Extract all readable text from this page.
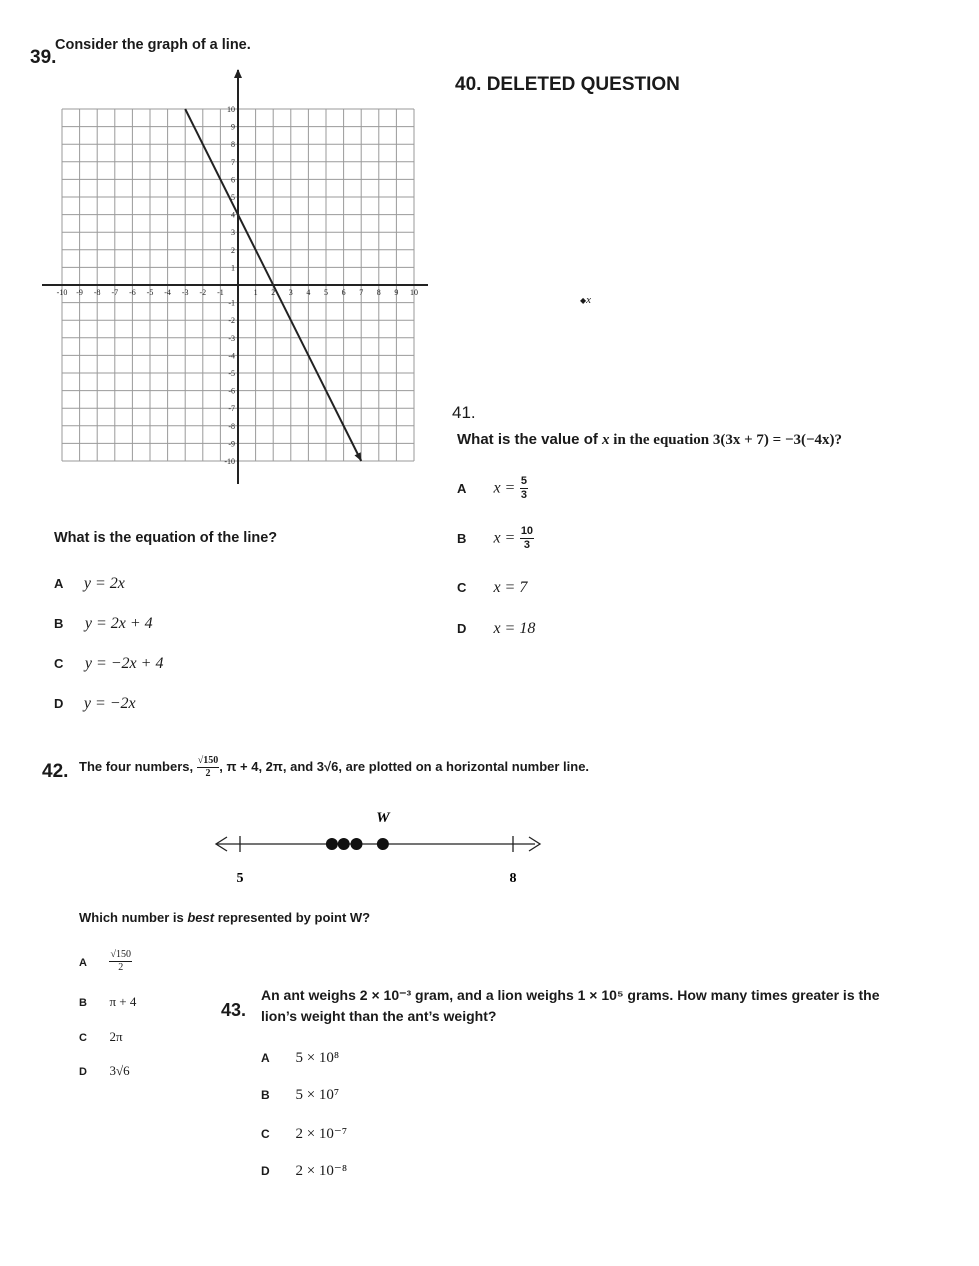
39.
Consider the graph of a line.
-10 -9 -8 -7 -6 -5 -4 -3 -2 -1	1 2 3 4 5 6 7 8 9 10
10
9
8
7
6
5
4
3
2
1
-1
-2
-3
-4
-5
-6
-7
-8
-9
-10
What is the equation of the line?
A y = 2x
B y = 2x + 4
C y = −2x + 4
D y = −2x
40. DELETED QUESTION
◆x
41.
What is the value of x in the equation 3(3x + 7) = −3(−4x)?
A $x = \frac{5}{3}$
B $x = \frac{10}{3}$
C x = 7
D x = 18
42. The four numbers, $\frac{√150}{2}$ , π + 4, 2π, and 3√6, are plotted on a horizontal number line.
5	8
W
Which number is best represented by point W?
A $\frac{√150}{2}$
B π + 4
C 2π
D 3√6
43.
An ant weighs 2 × 10⁻³ gram, and a lion weighs 1 × 10⁵ grams. How many times greater is the
lion’s weight than the ant’s weight?
A 5 × 10⁸
B 5 × 10⁷
C 2 × 10⁻⁷
D 2 × 10⁻⁸
